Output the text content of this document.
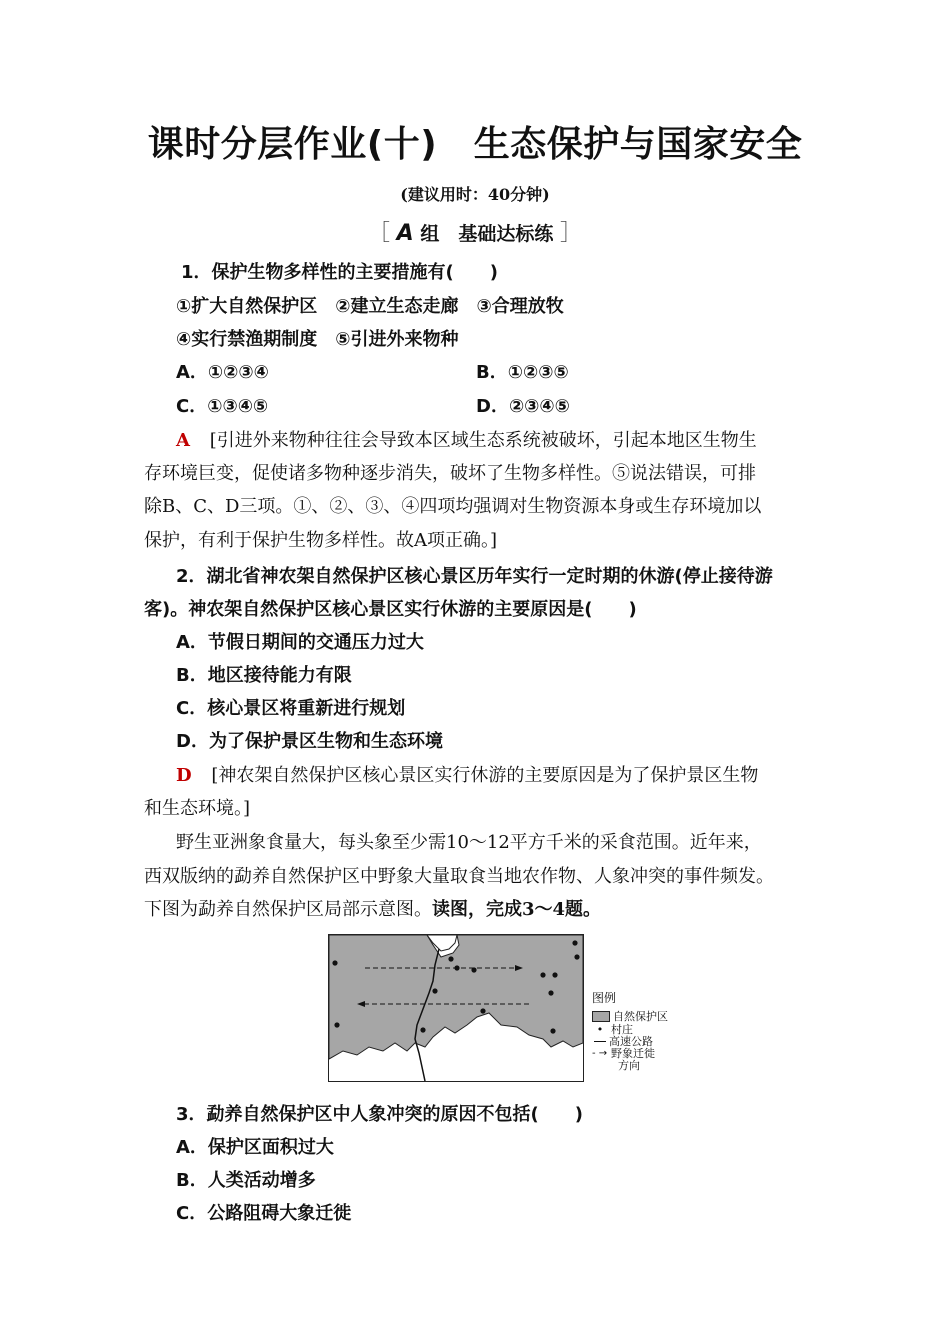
课时分层作业(十)　生态保护与国家安全
(建议用时：40分钟)
［ A 组　基础达标练 ］
1．保护生物多样性的主要措施有(　　)
①扩大自然保护区　②建立生态走廊　③合理放牧
④实行禁渔期制度　⑤引进外来物种
A．①②③④	B．①②③⑤
C．①③④⑤	D．②③④⑤
A [引进外来物种往往会导致本区域生态系统被破坏，引起本地区生物生
存环境巨变，促使诸多物种逐步消失，破坏了生物多样性。⑤说法错误，可排
除B、C、D三项。①、②、③、④四项均强调对生物资源本身或生存环境加以
保护，有利于保护生物多样性。故A项正确。]
2．湖北省神农架自然保护区核心景区历年实行一定时期的休游(停止接待游
客)。神农架自然保护区核心景区实行休游的主要原因是(　　)
A．节假日期间的交通压力过大
B．地区接待能力有限
C．核心景区将重新进行规划
D．为了保护景区生物和生态环境
D [神农架自然保护区核心景区实行休游的主要原因是为了保护景区生物
和生态环境。]
野生亚洲象食量大，每头象至少需10～12平方千米的采食范围。近年来，
西双版纳的勐养自然保护区中野象大量取食当地农作物、人象冲突的事件频发。
下图为勐养自然保护区局部示意图。读图，完成3～4题。
图例
自然保护区
• 村庄
高速公路
- → 野象迁徙
方向
3．勐养自然保护区中人象冲突的原因不包括(　　)
A．保护区面积过大
B．人类活动增多
C．公路阻碍大象迁徙
